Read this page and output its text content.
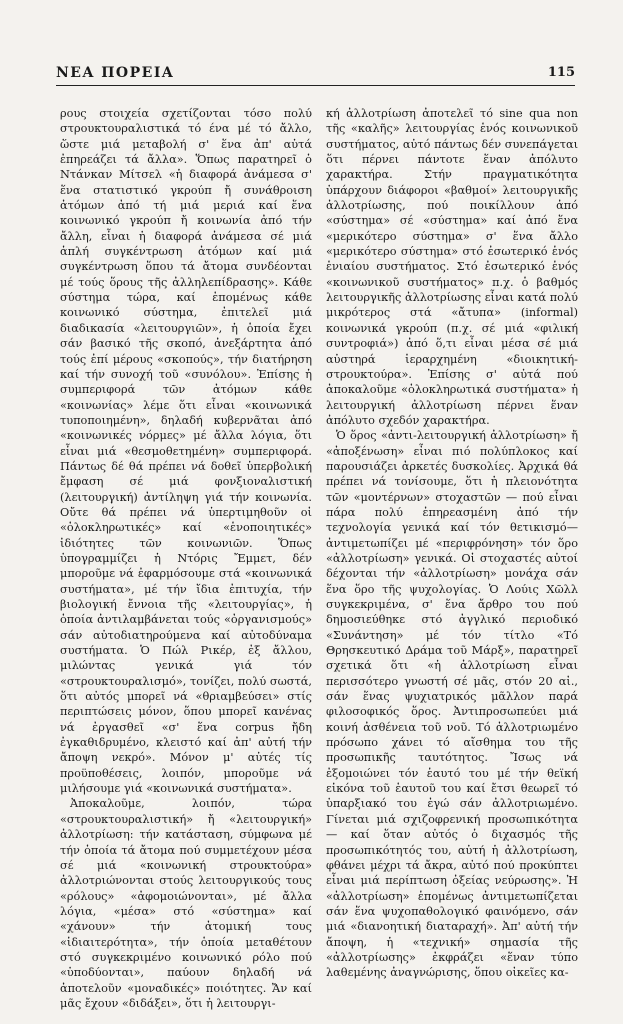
ΝΕΑ ΠΟΡΕΙΑ	115

ρους στοιχεία σχετίζονται τόσο πολύ στρουκτουραλιστικά τό ένα μέ τό ἄλλο, ὥστε μιά μεταβολή σ' ἕνα ἀπ' αὐτά ἐπηρεάζει τά ἄλλα». Ὅπως παρατηρεῖ ὁ Ντάνκαν Μίτσελ «ἡ διαφορά ἀνάμεσα σ' ἕνα στατιστικό γκρούπ ἤ συνάθροιση ἀτόμων ἀπό τή μιά μεριά καί ἕνα κοινωνικό γκρούπ ἤ κοινωνία ἀπό τήν ἄλλη, εἶναι ἡ διαφορά ἀνάμεσα σέ μιά ἁπλή συγκέντρωση ἀτόμων καί μιά συγκέντρωση ὅπου τά ἄτομα συνδέονται μέ τούς ὅρους τῆς ἀλληλεπίδρασης». Κάθε σύστημα τώρα, καί ἑπομένως κάθε κοινωνικό σύστημα, ἐπιτελεῖ μιά διαδικασία «λειτουργιῶν», ἡ ὁποία ἔχει σάν βασικό τῆς σκοπό, ἀνεξάρτητα ἀπό τούς ἐπί μέρους «σκοπούς», τήν διατήρηση καί τήν συνοχή τοῦ «συνόλου». Ἐπίσης ἡ συμπεριφορά τῶν ἀτόμων κάθε «κοινωνίας» λέμε ὅτι εἶναι «κοινωνικά τυποποιημένη», δηλαδή κυβερνᾶται ἀπό «κοινωνικές νόρμες» μέ ἄλλα λόγια, ὅτι εἶναι μιά «θεσμοθετημένη» συμπεριφορά. Πάντως δέ θά πρέπει νά δοθεῖ ὑπερβολική ἔμφαση σέ μιά φονξιοναλιστική (λειτουργική) ἀντίληψη γιά τήν κοινωνία. Οὔτε θά πρέπει νά ὑπερτιμηθοῦν οἱ «ὁλοκληρωτικές» καί «ἑνοποιητικές» ἰδιότητες τῶν κοινωνιῶν. Ὅπως ὑπογραμμίζει ἡ Ντόρις Ἔμμετ, δέν μποροῦμε νά ἐφαρμόσουμε στά «κοινωνικά συστήματα», μέ τήν ἴδια ἐπιτυχία, τήν βιολογική ἔννοια τῆς «λειτουργίας», ἡ ὁποία ἀντιλαμβάνεται τούς «ὀργανισμούς» σάν αὐτοδιατηρούμενα καί αὐτοδύναμα συστήματα. Ὁ Πώλ Ρικέρ, ἐξ ἄλλου, μιλώντας γενικά γιά τόν «στρουκτουραλισμό», τονίζει, πολύ σωστά, ὅτι αὐτός μπορεῖ νά «θριαμβεύσει» στίς περιπτώσεις μόνον, ὅπου μπορεῖ κανένας νά ἐργασθεῖ «σ' ἕνα corpus ἤδη ἐγκαθιδρυμένο, κλειστό καί ἀπ' αὐτή τήν ἄποψη νεκρό». Μόνον μ' αὐτές τίς προϋποθέσεις, λοιπόν, μποροῦμε νά μιλήσουμε γιά «κοινωνικά συστήματα».

Ἀποκαλοῦμε, λοιπόν, τώρα «στρουκτουραλιστική» ἤ «λειτουργική» ἀλλοτρίωση: τήν κατάσταση, σύμφωνα μέ τήν ὁποία τά ἄτομα πού συμμετέχουν μέσα σέ μιά «κοινωνική στρουκτούρα» ἀλλοτριώνονται στούς λειτουργικούς τους «ρόλους» «ἀφομοιώνονται», μέ ἄλλα λόγια, «μέσα» στό «σύστημα» καί «χάνουν» τήν ἀτομική τους «ἰδιαιτερότητα», τήν ὁποία μεταθέτουν στό συγκεκριμένο κοινωνικό ρόλο πού «ὑποδύονται», παύουν δηλαδή νά ἀποτελοῦν «μοναδικές» ποιότητες. Ἄν καί μᾶς ἔχουν «διδάξει», ὅτι ἡ λειτουργι-

κή ἀλλοτρίωση ἀποτελεῖ τό sine qua non τῆς «καλῆς» λειτουργίας ἑνός κοινωνικοῦ συστήματος, αὐτό πάντως δέν συνεπάγεται ὅτι πέρνει πάντοτε ἕναν ἀπόλυτο χαρακτήρα. Στήν πραγματικότητα ὑπάρχουν διάφοροι «βαθμοί» λειτουργικῆς ἀλλοτρίωσης, πού ποικίλλουν ἀπό «σύστημα» σέ «σύστημα» καί ἀπό ἕνα «μερικότερο σύστημα» σ' ἕνα ἄλλο «μερικότερο σύστημα» στό ἐσωτερικό ἑνός ἑνιαίου συστήματος. Στό ἐσωτερικό ἑνός «κοινωνικοῦ συστήματος» π.χ. ὁ βαθμός λειτουργικῆς ἀλλοτρίωσης εἶναι κατά πολύ μικρότερος στά «ἄτυπα» (informal) κοινωνικά γκρούπ (π.χ. σέ μιά «φιλική συντροφιά») ἀπό ὅ,τι εἶναι μέσα σέ μιά αὐστηρά ἱεραρχημένη «διοικητική-στρουκτούρα». Ἐπίσης σ' αὐτά πού ἀποκαλοῦμε «ὁλοκληρωτικά συστήματα» ἡ λειτουργική ἀλλοτρίωση πέρνει ἕναν ἀπόλυτο σχεδόν χαρακτήρα.

Ὁ ὅρος «ἀντι-λειτουργική ἀλλοτρίωση» ἤ «ἀποξένωση» εἶναι πιό πολύπλοκος καί παρουσιάζει ἀρκετές δυσκολίες. Ἀρχικά θά πρέπει νά τονίσουμε, ὅτι ἡ πλειονότητα τῶν «μοντέρνων» στοχαστῶν — πού εἶναι πάρα πολύ ἐπηρεασμένη ἀπό τήν τεχνολογία γενικά καί τόν θετικισμό—ἀντιμετωπίζει μέ «περιφρόνηση» τόν ὅρο «ἀλλοτρίωση» γενικά. Οἱ στοχαστές αὐτοί δέχονται τήν «ἀλλοτρίωση» μονάχα σάν ἕνα ὅρο τῆς ψυχολογίας. Ὁ Λούις Χῶλλ συγκεκριμένα, σ' ἕνα ἄρθρο του πού δημοσιεύθηκε στό ἀγγλικό περιοδικό «Συνάντηση» μέ τόν τίτλο «Τό Θρησκευτικό Δράμα τοῦ Μάρξ», παρατηρεῖ σχετικά ὅτι «ἡ ἀλλοτρίωση εἶναι περισσότερο γνωστή σέ μᾶς, στόν 20 αἰ., σάν ἕνας ψυχιατρικός μᾶλλον παρά φιλοσοφικός ὅρος. Ἀντιπροσωπεύει μιά κοινή ἀσθένεια τοῦ νοῦ. Τό ἀλλοτριωμένο πρόσωπο χάνει τό αἴσθημα του τῆς προσωπικῆς ταυτότητος. Ἴσως νά ἐξομοιώνει τόν ἑαυτό του μέ τήν θεϊκή εἰκόνα τοῦ ἑαυτοῦ του καί ἔτσι θεωρεῖ τό ὑπαρξιακό του ἐγώ σάν ἀλλοτριωμένο. Γίνεται μιά σχιζοφρενική προσωπικότητα — καί ὅταν αὐτός ὁ διχασμός τῆς προσωπικότητός του, αὐτή ἡ ἀλλοτρίωση, φθάνει μέχρι τά ἄκρα, αὐτό πού προκύπτει εἶναι μιά περίπτωση ὀξείας νεύρωσης». Ἡ «ἀλλοτρίωση» ἑπομένως ἀντιμετωπίζεται σάν ἕνα ψυχοπαθολογικό φαινόμενο, σάν μιά «διανοητική διαταραχή». Ἀπ' αὐτή τήν ἄποψη, ἡ «τεχνική» σημασία τῆς «ἀλλοτρίωσης» ἐκφράζει «ἕναν τύπο λαθεμένης ἀναγνώρισης, ὅπου οἰκεῖες κα-
